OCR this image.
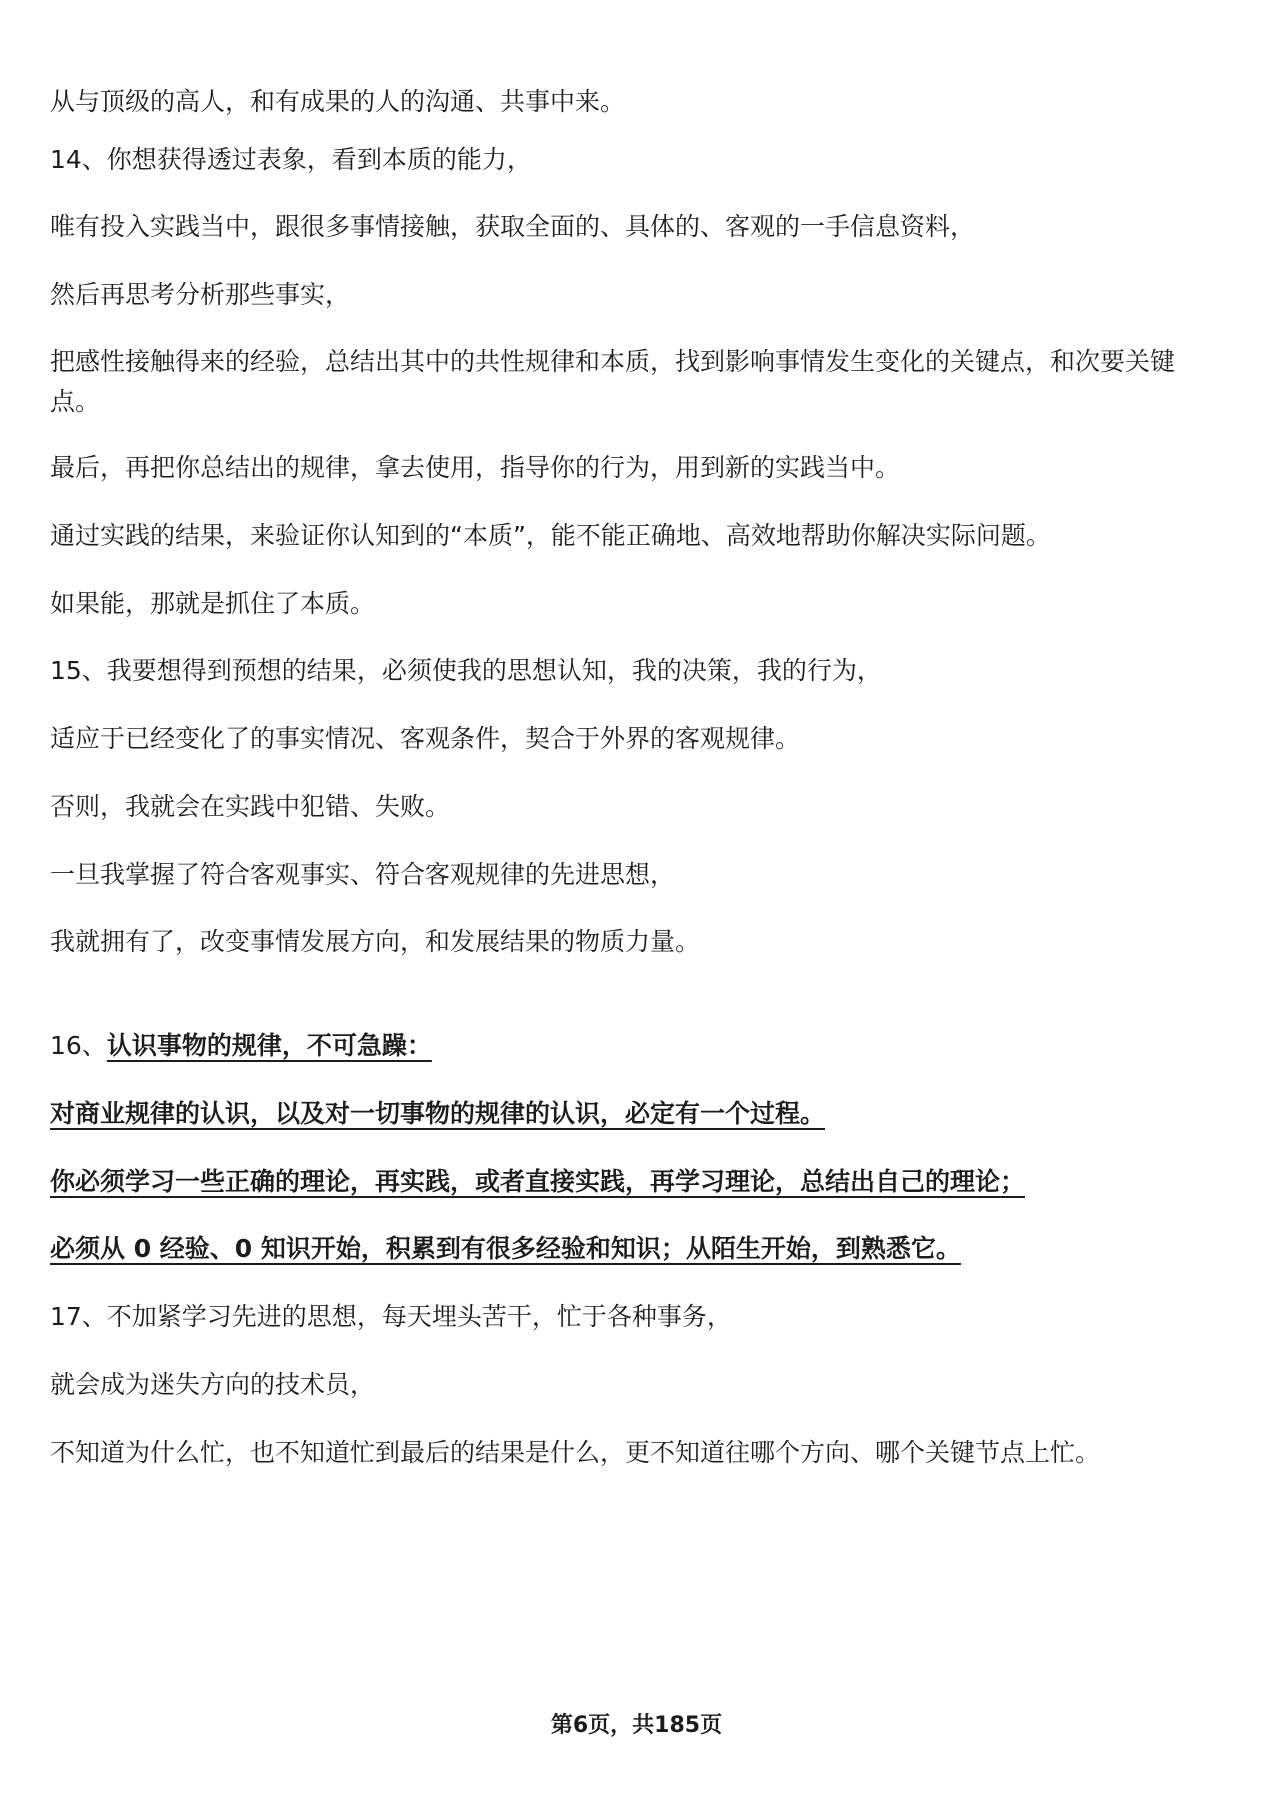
从与顶级的高人，和有成果的人的沟通、共事中来。

14、你想获得透过表象，看到本质的能力，

唯有投入实践当中，跟很多事情接触，获取全面的、具体的、客观的一手信息资料，

然后再思考分析那些事实，

把感性接触得来的经验，总结出其中的共性规律和本质，找到影响事情发生变化的关键点，和次要关键点。

最后，再把你总结出的规律，拿去使用，指导你的行为，用到新的实践当中。

通过实践的结果，来验证你认知到的“本质”，能不能正确地、高效地帮助你解决实际问题。

如果能，那就是抓住了本质。

15、我要想得到预想的结果，必须使我的思想认知，我的决策，我的行为，

适应于已经变化了的事实情况、客观条件，契合于外界的客观规律。

否则，我就会在实践中犯错、失败。

一旦我掌握了符合客观事实、符合客观规律的先进思想，

我就拥有了，改变事情发展方向，和发展结果的物质力量。

16、认识事物的规律，不可急躁：

对商业规律的认识，以及对一切事物的规律的认识，必定有一个过程。

你必须学习一些正确的理论，再实践，或者直接实践，再学习理论，总结出自己的理论；

必须从 0 经验、0 知识开始，积累到有很多经验和知识；从陌生开始，到熟悉它。

17、不加紧学习先进的思想，每天埋头苦干，忙于各种事务，

就会成为迷失方向的技术员，

不知道为什么忙，也不知道忙到最后的结果是什么，更不知道往哪个方向、哪个关键节点上忙。

第6页，共185页
